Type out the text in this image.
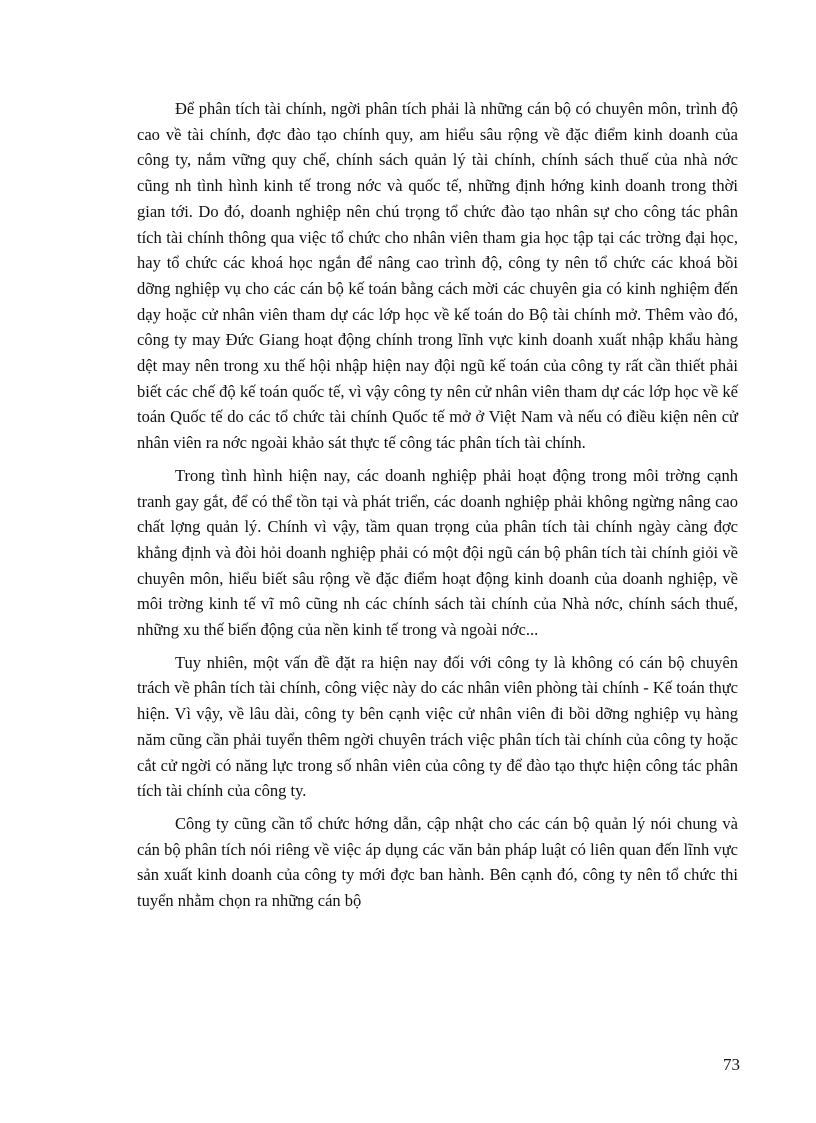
Để phân tích tài chính, ngời phân tích phải là những cán bộ có chuyên môn, trình độ cao về tài chính, đợc đào tạo chính quy, am hiểu sâu rộng về đặc điểm kinh doanh của công ty, nắm vững quy chế, chính sách quản lý tài chính, chính sách thuế của nhà nớc cũng nh tình hình kinh tế trong nớc và quốc tế, những định hớng kinh doanh trong thời gian tới. Do đó, doanh nghiệp nên chú trọng tổ chức đào tạo nhân sự cho công tác phân tích tài chính thông qua việc tổ chức cho nhân viên tham gia học tập tại các trờng đại học, hay tổ chức các khoá học ngắn để nâng cao trình độ, công ty nên tổ chức các khoá bồi dỡng nghiệp vụ cho các cán bộ kế toán bằng cách mời các chuyên gia có kinh nghiệm đến dạy hoặc cử nhân viên tham dự các lớp học về kế toán do Bộ tài chính mở. Thêm vào đó, công ty may Đức Giang hoạt động chính trong lĩnh vực kinh doanh xuất nhập khẩu hàng dệt may nên trong xu thế hội nhập hiện nay đội ngũ kế toán của công ty rất cần thiết phải biết các chế độ kế toán quốc tế, vì vậy công ty nên cử nhân viên tham dự các lớp học về kế toán Quốc tế do các tổ chức tài chính Quốc tế mở ở Việt Nam và nếu có điều kiện nên cử nhân viên ra nớc ngoài khảo sát thực tế công tác phân tích tài chính.

Trong tình hình hiện nay, các doanh nghiệp phải hoạt động trong môi trờng cạnh tranh gay gắt, để có thể tồn tại và phát triển, các doanh nghiệp phải không ngừng nâng cao chất lợng quản lý. Chính vì vậy, tầm quan trọng của phân tích tài chính ngày càng đợc khẳng định và đòi hỏi doanh nghiệp phải có một đội ngũ cán bộ phân tích tài chính giỏi về chuyên môn, hiểu biết sâu rộng về đặc điểm hoạt động kinh doanh của doanh nghiệp, về môi trờng kinh tế vĩ mô cũng nh các chính sách tài chính của Nhà nớc, chính sách thuế, những xu thế biến động của nền kinh tế trong và ngoài nớc...

Tuy nhiên, một vấn đề đặt ra hiện nay đối với công ty là không có cán bộ chuyên trách về phân tích tài chính, công việc này do các nhân viên phòng tài chính - Kế toán thực hiện. Vì vậy, về lâu dài, công ty bên cạnh việc cử nhân viên đi bồi dỡng nghiệp vụ hàng năm cũng cần phải tuyển thêm ngời chuyên trách việc phân tích tài chính của công ty hoặc cắt cử ngời có năng lực trong số nhân viên của công ty để đào tạo thực hiện công tác phân tích tài chính của công ty.

Công ty cũng cần tổ chức hớng dẫn, cập nhật cho các cán bộ quản lý nói chung và cán bộ phân tích nói riêng về việc áp dụng các văn bản pháp luật có liên quan đến lĩnh vực sản xuất kinh doanh của công ty mới đợc ban hành. Bên cạnh đó, công ty nên tổ chức thi tuyển nhằm chọn ra những cán bộ

73
